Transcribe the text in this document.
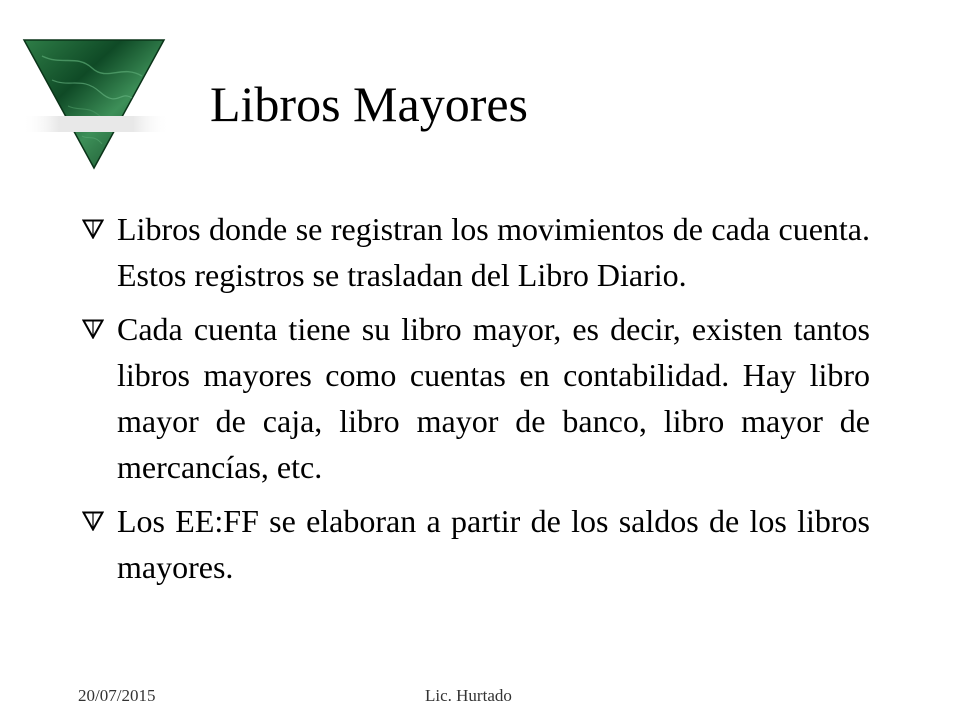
Libros Mayores
Libros donde se registran los movimientos de cada cuenta. Estos registros se trasladan del Libro Diario.
Cada cuenta tiene su libro mayor, es decir, existen tantos libros mayores como cuentas en contabilidad. Hay libro mayor de caja, libro mayor de banco, libro mayor de mercancías, etc.
Los EE:FF se elaboran a partir de los saldos de los libros mayores.
20/07/2015	Lic. Hurtado
